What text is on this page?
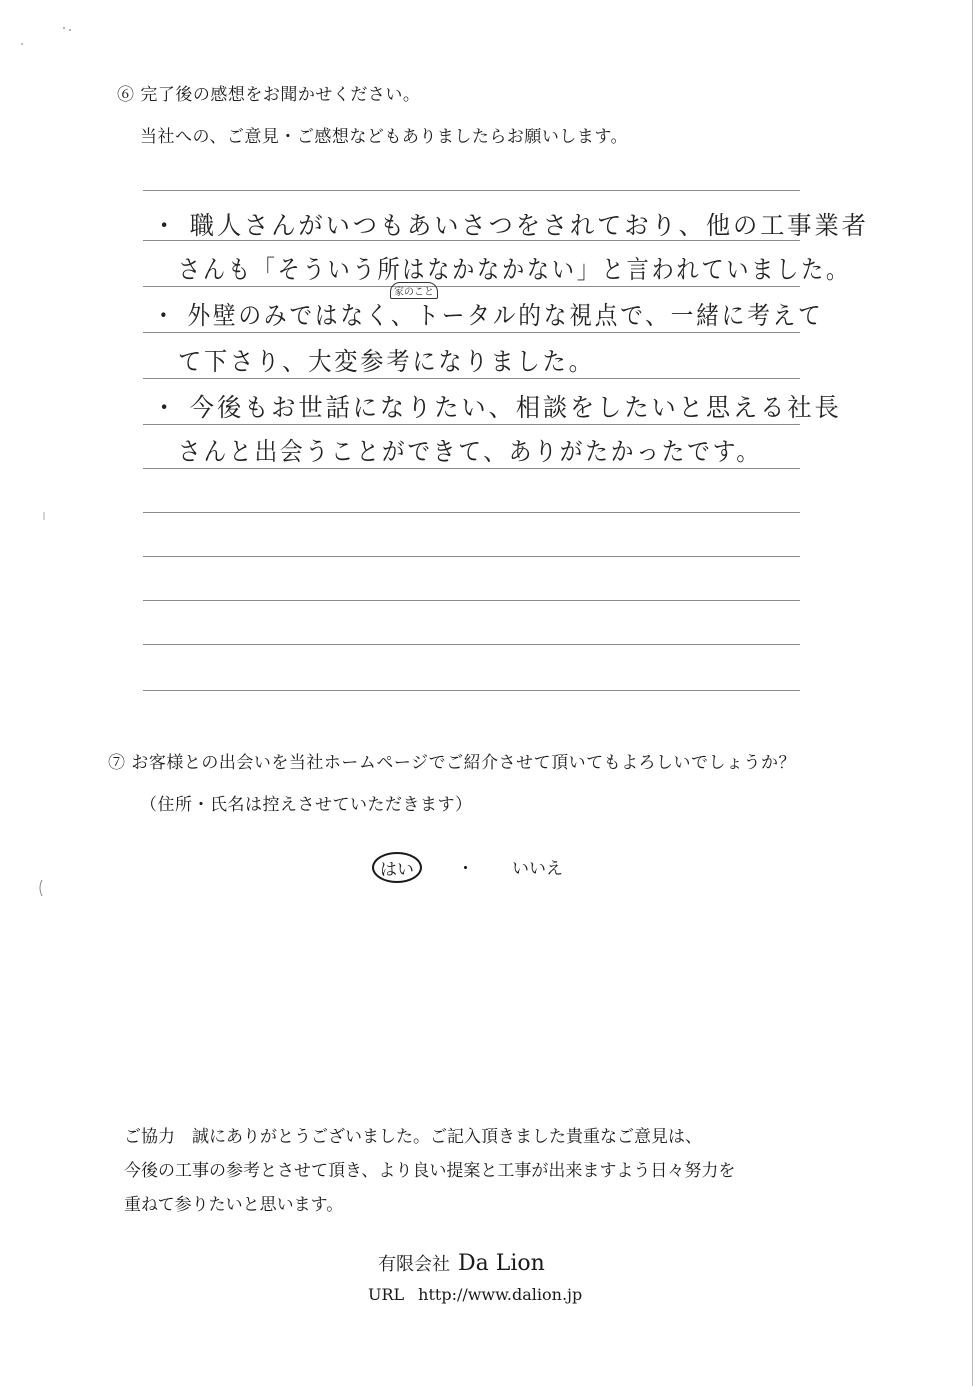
⑥ 完了後の感想をお聞かせください。
当社への、ご意見・ご感想などもありましたらお願いします。
・ 職人さんがいつもあいさつをされており、他の工事業者
さんも「そういう所はなかなかない」と言われていました。
・ 外壁のみではなく、トータル的な視点で、一緒に考えて
て下さり、大変参考になりました。
・ 今後もお世話になりたい、相談をしたいと思える社長
さんと出会うことができて、ありがたかったです。
家のこと
⑦ お客様との出会いを当社ホームページでご紹介させて頂いてもよろしいでしょうか？
（住所・氏名は控えさせていただきます）
はい	・ いいえ
ご協力　誠にありがとうございました。ご記入頂きました貴重なご意見は、
今後の工事の参考とさせて頂き、より良い提案と工事が出来ますよう日々努力を
重ねて参りたいと思います。
有限会社 Da Lion
URL http://www.dalion.jp
